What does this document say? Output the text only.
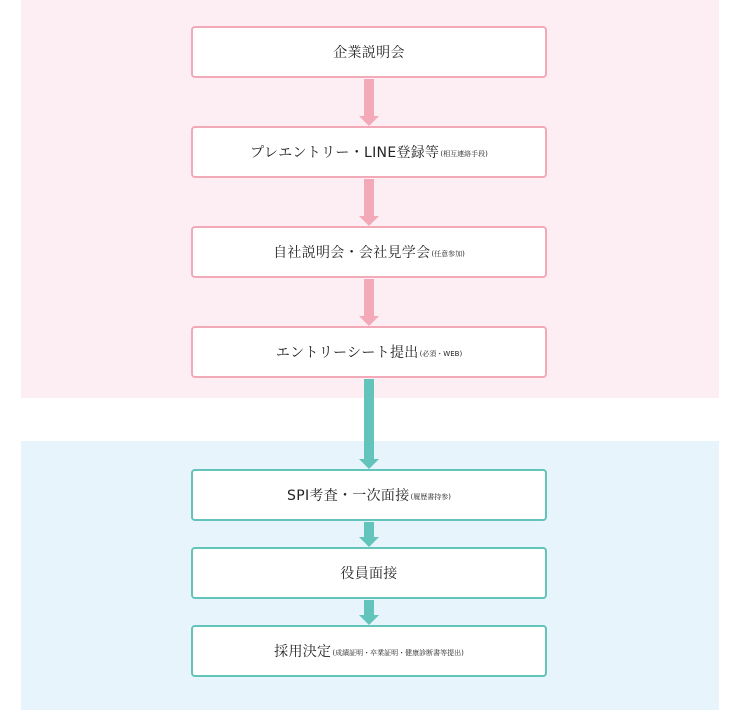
企業説明会
プレエントリー・LINE登録等 (相互連絡手段)
自社説明会・会社見学会 (任意参加)
エントリーシート提出 (必須・WEB)
SPI考査・一次面接 (履歴書持参)
役員面接
採用決定 (成績証明・卒業証明・健康診断書等提出)
